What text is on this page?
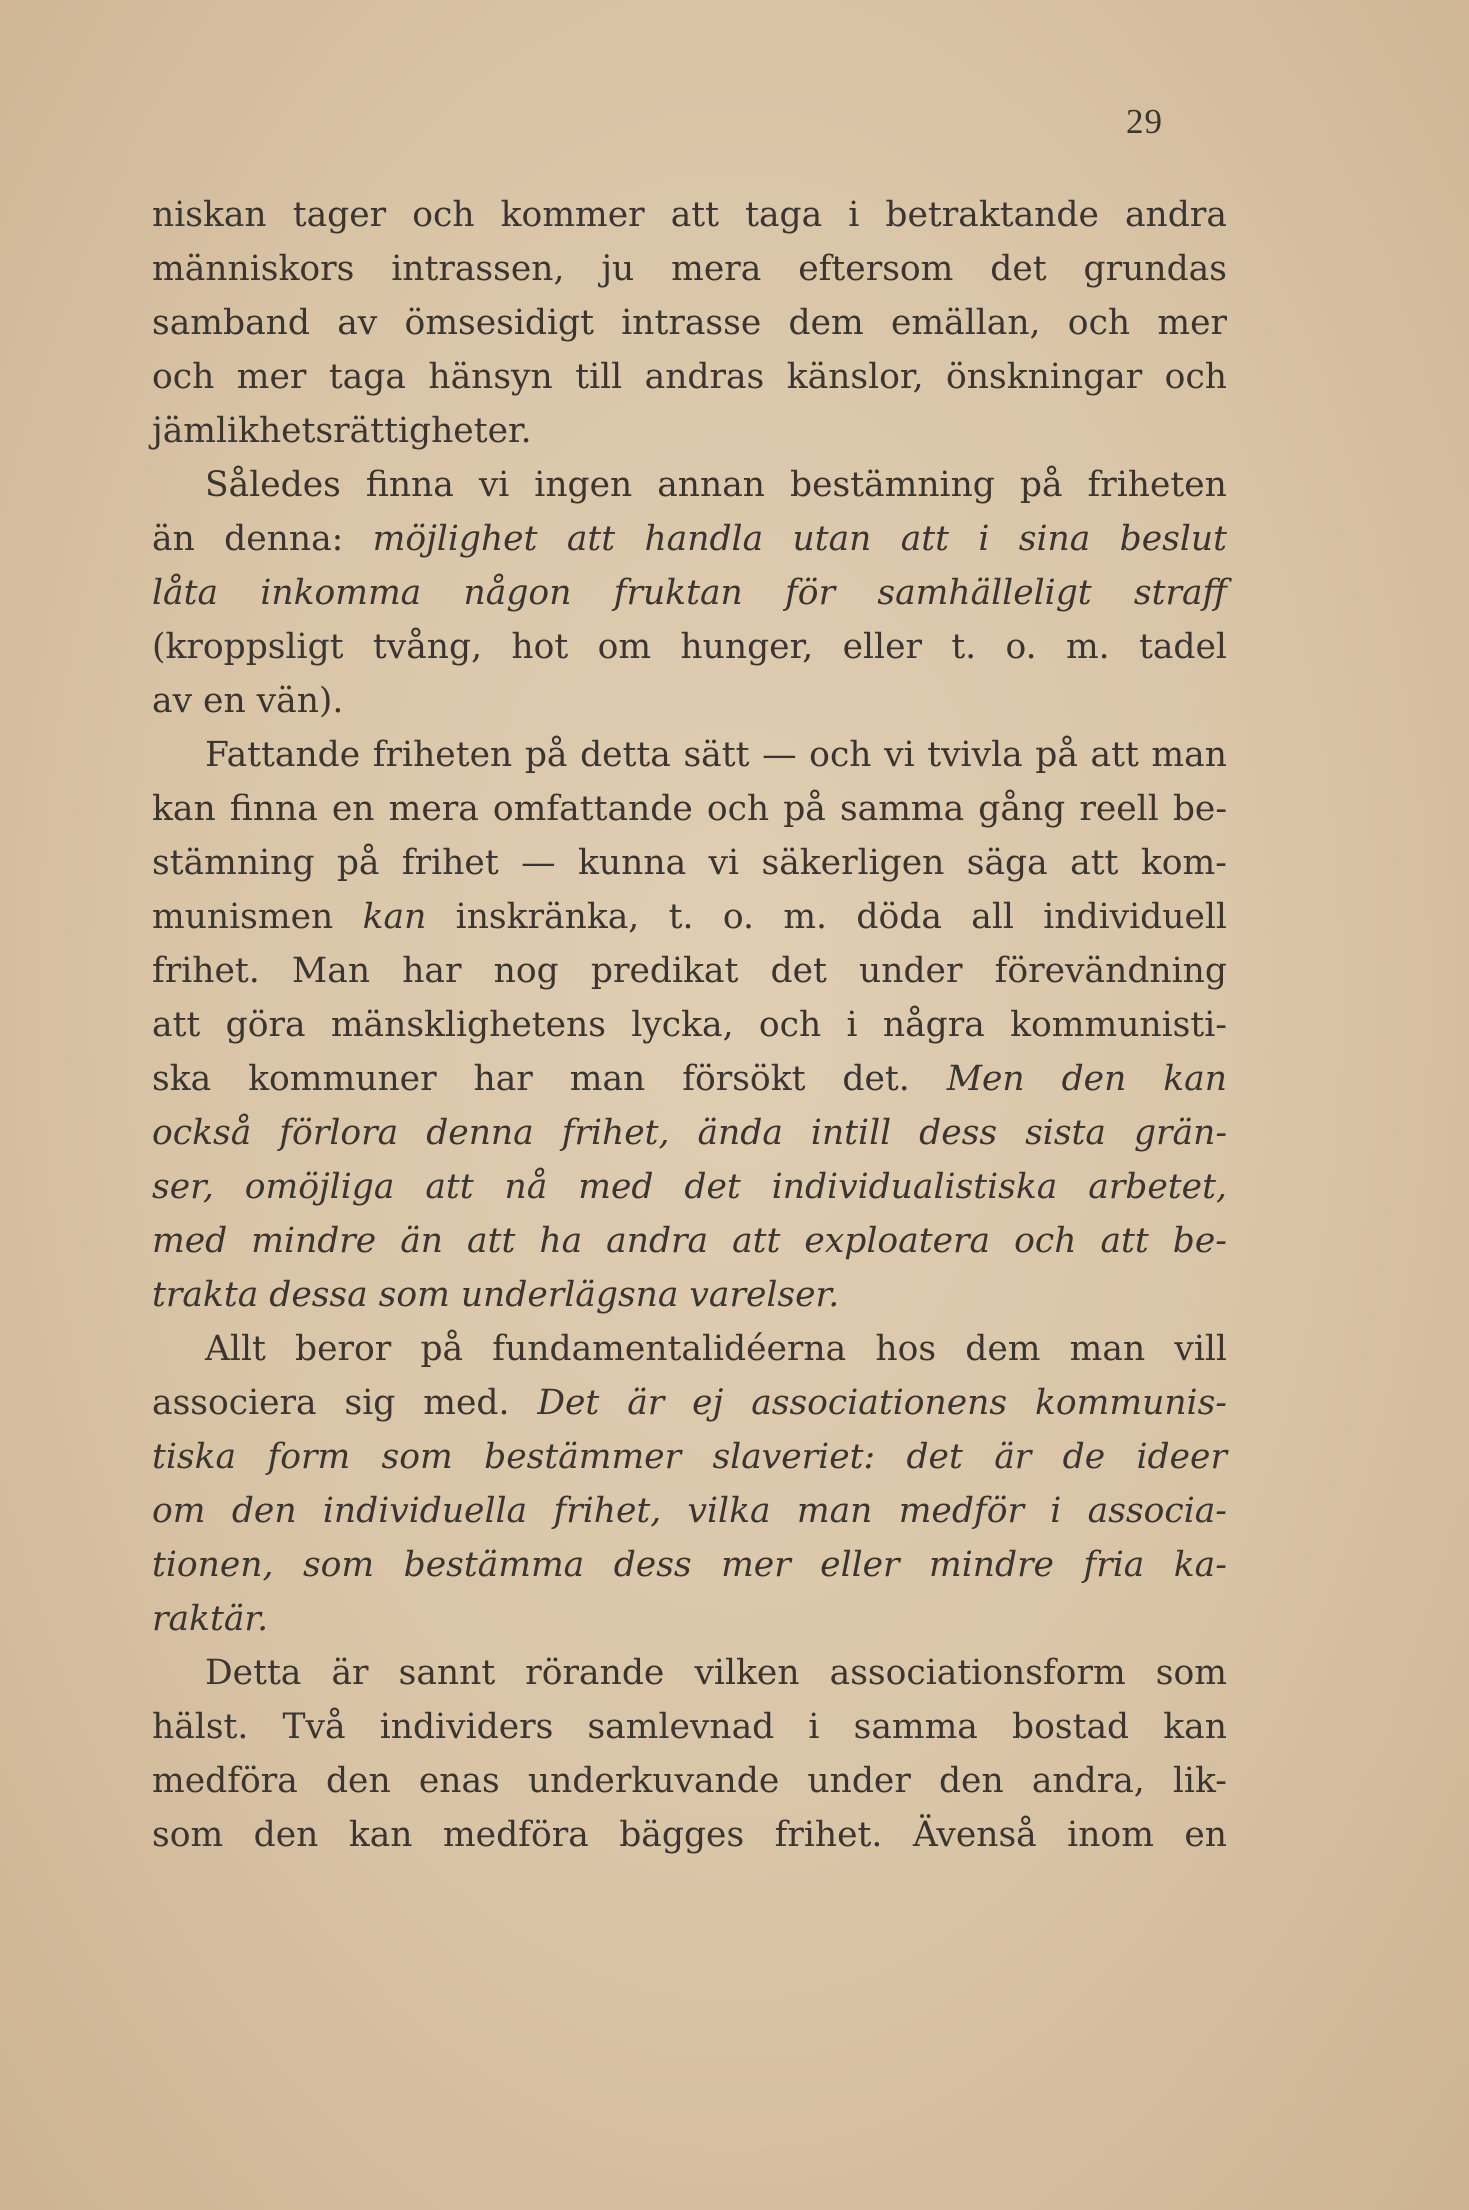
29
niskan tager och kommer att taga i betraktande andra
människors intrassen, ju mera eftersom det grundas
samband av ömsesidigt intrasse dem emällan, och mer
och mer taga hänsyn till andras känslor, önskningar och
jämlikhetsrättigheter.
Således finna vi ingen annan bestämning på friheten
än denna: möjlighet att handla utan att i sina beslut
låta inkomma någon fruktan för samhälleligt straff
(kroppsligt tvång, hot om hunger, eller t. o. m. tadel
av en vän).
Fattande friheten på detta sätt — och vi tvivla på att man
kan finna en mera omfattande och på samma gång reell be-
stämning på frihet — kunna vi säkerligen säga att kom-
munismen kan inskränka, t. o. m. döda all individuell
frihet. Man har nog predikat det under förevändning
att göra mänsklighetens lycka, och i några kommunisti-
ska kommuner har man försökt det. Men den kan
också förlora denna frihet, ända intill dess sista grän-
ser, omöjliga att nå med det individualistiska arbetet,
med mindre än att ha andra att exploatera och att be-
trakta dessa som underlägsna varelser.
Allt beror på fundamentalidéerna hos dem man vill
associera sig med. Det är ej associationens kommunis-
tiska form som bestämmer slaveriet: det är de ideer
om den individuella frihet, vilka man medför i associa-
tionen, som bestämma dess mer eller mindre fria ka-
raktär.
Detta är sannt rörande vilken associationsform som
hälst. Två individers samlevnad i samma bostad kan
medföra den enas underkuvande under den andra, lik-
som den kan medföra bägges frihet. Ävenså inom en
